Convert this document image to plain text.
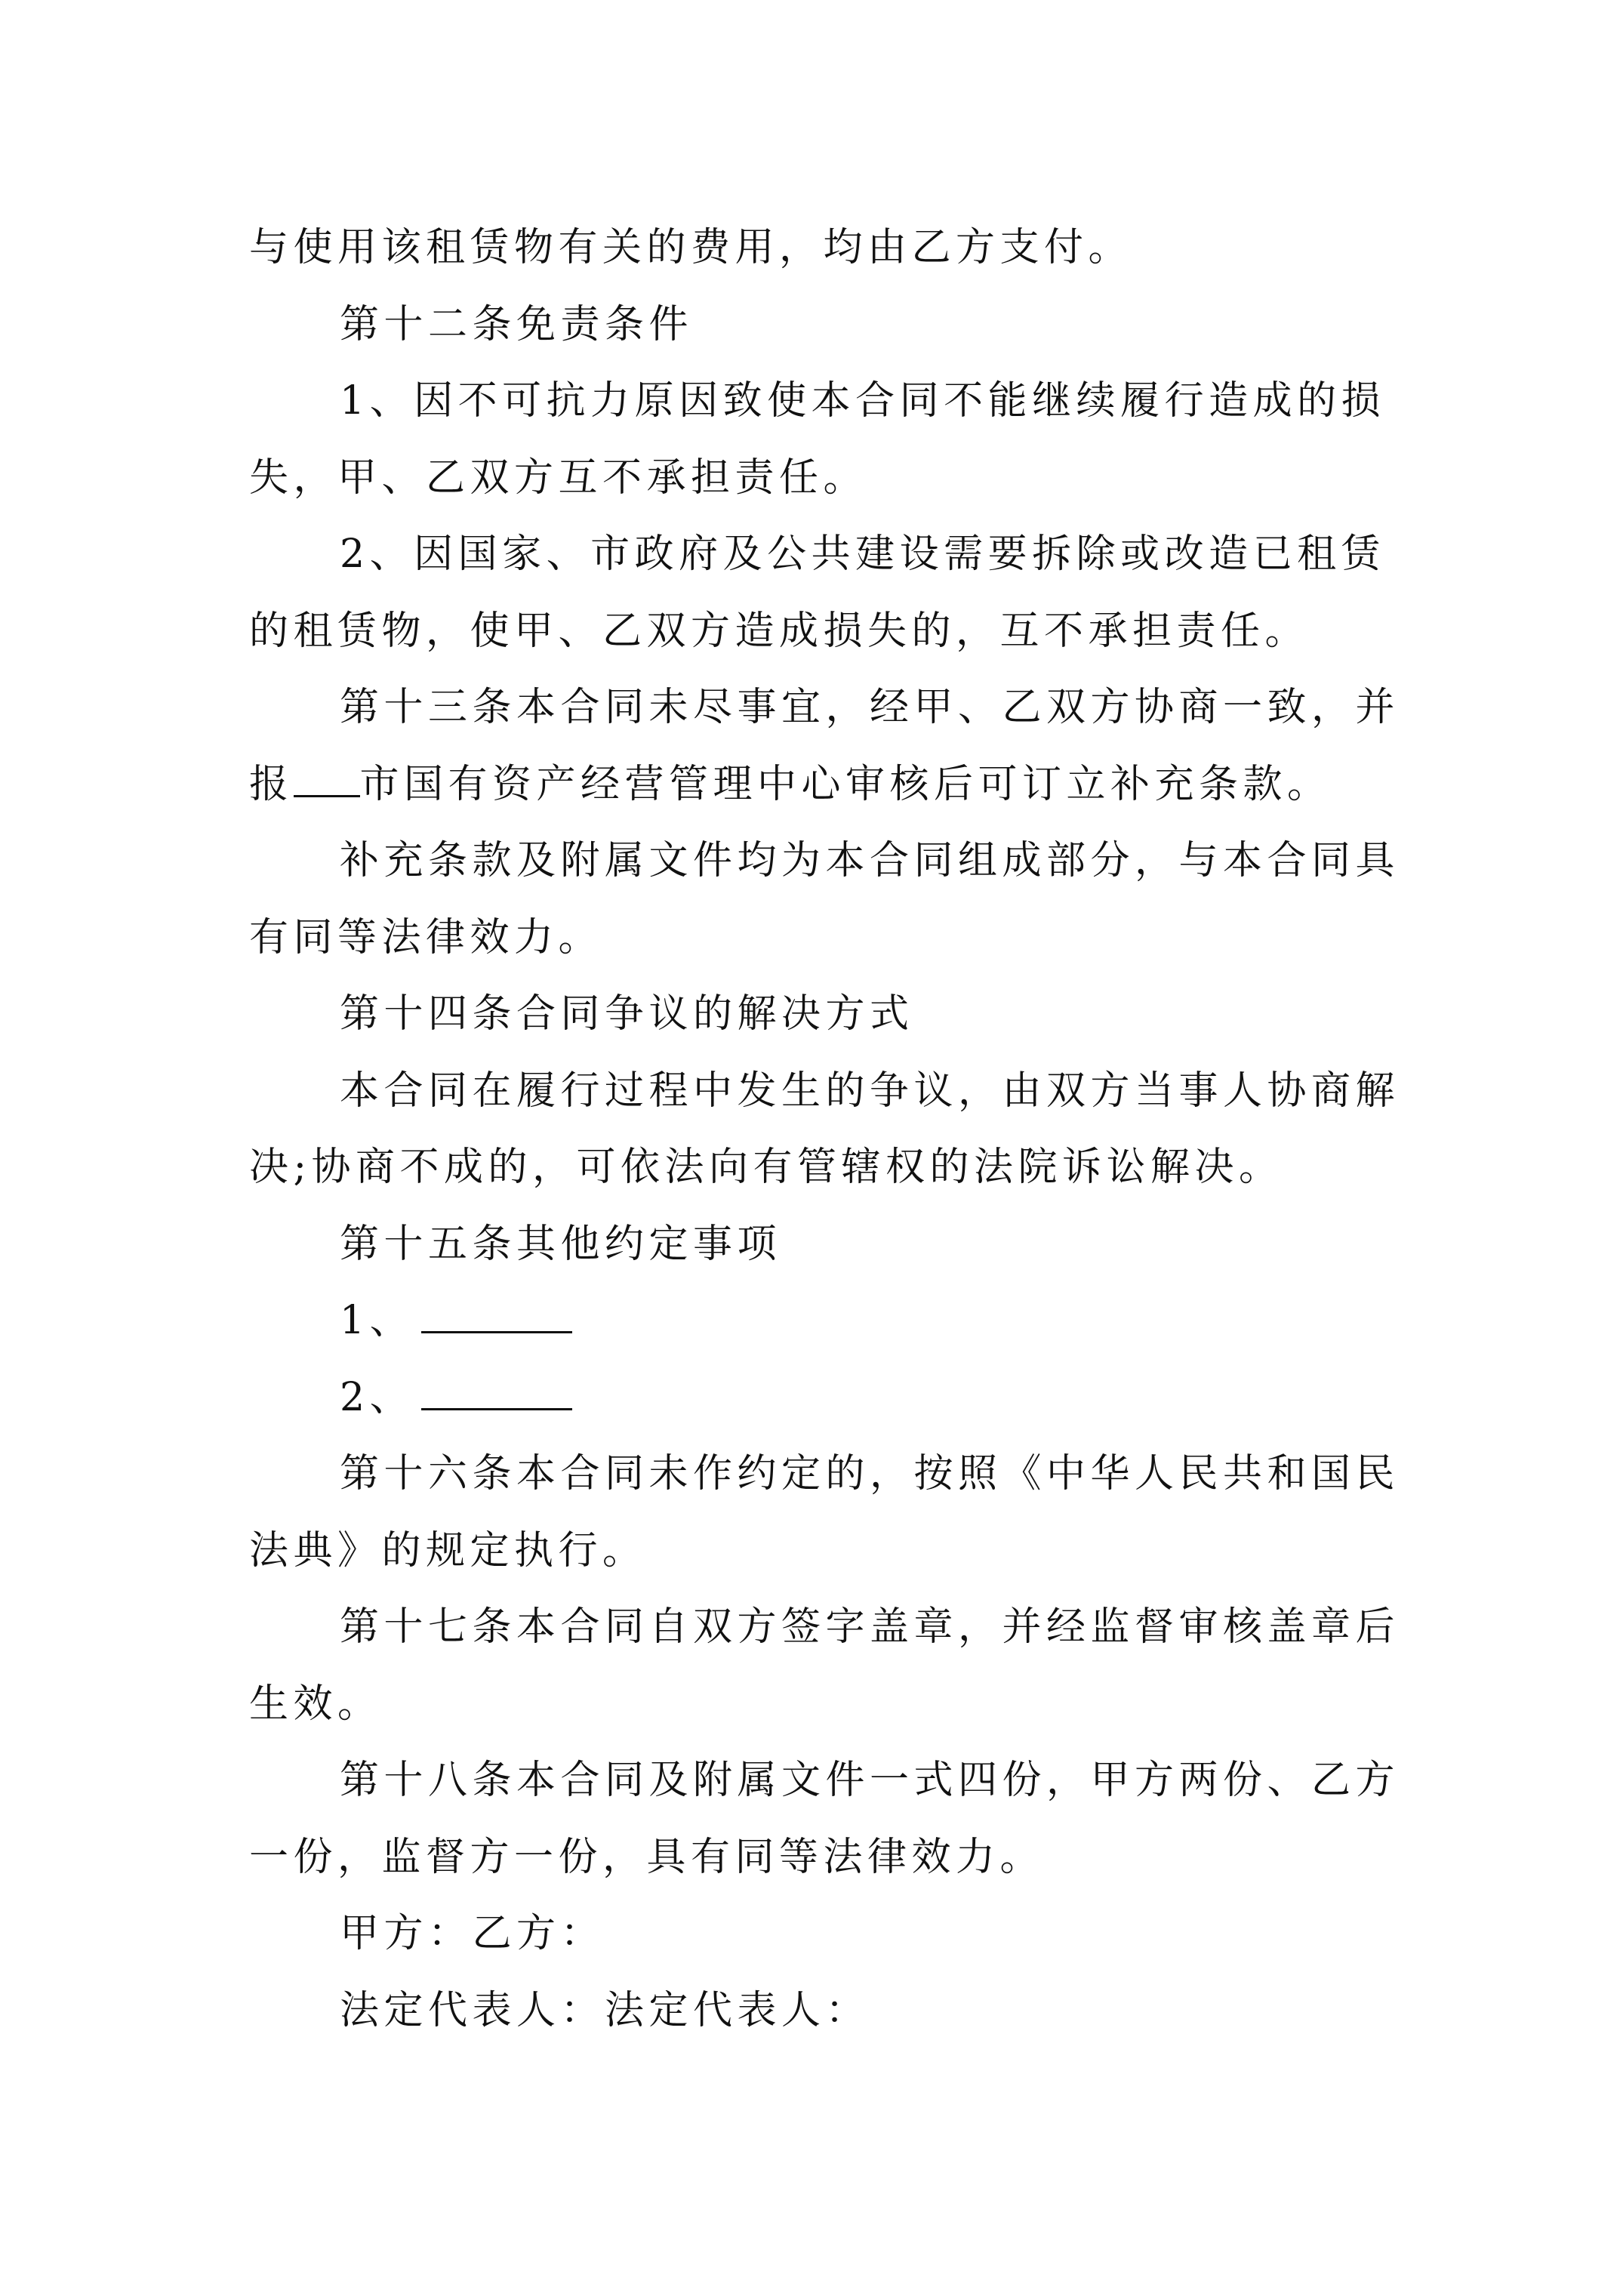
与使用该租赁物有关的费用，均由乙方支付。
第十二条免责条件
1、因不可抗力原因致使本合同不能继续履行造成的损
失，甲、乙双方互不承担责任。
2、因国家、市政府及公共建设需要拆除或改造已租赁
的租赁物，使甲、乙双方造成损失的，互不承担责任。
第十三条本合同未尽事宜，经甲、乙双方协商一致，并
报 市国有资产经营管理中心审核后可订立补充条款。
补充条款及附属文件均为本合同组成部分，与本合同具
有同等法律效力。
第十四条合同争议的解决方式
本合同在履行过程中发生的争议，由双方当事人协商解
决;协商不成的，可依法向有管辖权的法院诉讼解决。
第十五条其他约定事项
1、
2、
第十六条本合同未作约定的，按照《中华人民共和国民
法典》的规定执行。
第十七条本合同自双方签字盖章，并经监督审核盖章后
生效。
第十八条本合同及附属文件一式四份，甲方两份、乙方
一份，监督方一份，具有同等法律效力。
甲方：乙方：
法定代表人：法定代表人：
